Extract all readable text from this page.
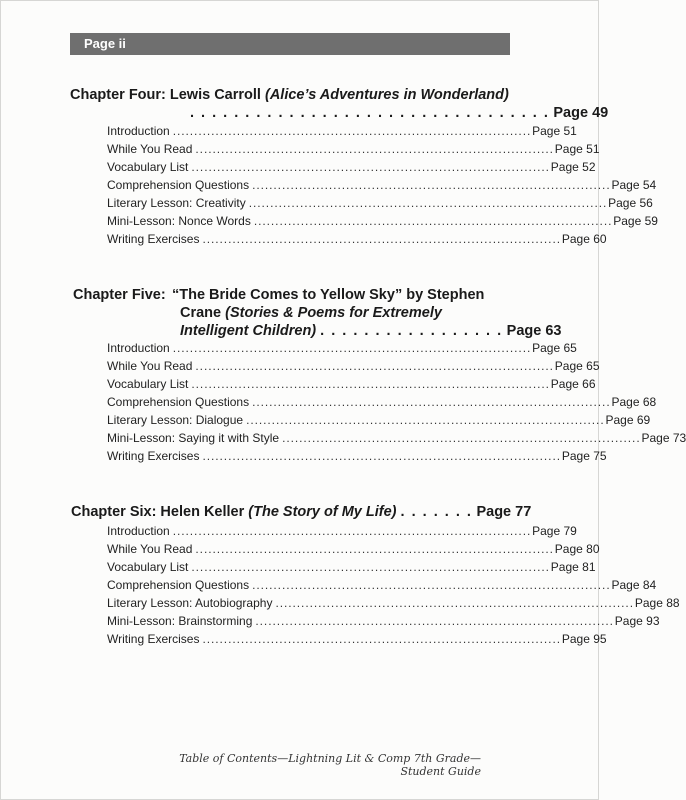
Page ii
Chapter Four: Lewis Carroll (Alice’s Adventures in Wonderland)
. . . . . . . . . . . . . . . . . . . . . . . . . . . . . . . . . Page 49
Introduction . . .	Page 51
While You Read . . .	Page 51
Vocabulary List . . .	Page 52
Comprehension Questions . . .	Page 54
Literary Lesson: Creativity . . .	Page 56
Mini-Lesson: Nonce Words . . .	Page 59
Writing Exercises . . .	Page 60
Chapter Five: “The Bride Comes to Yellow Sky” by Stephen
Crane (Stories & Poems for Extremely
Intelligent Children) . . . . . . . . . . . . . . . . . Page 63
Introduction . . .	Page 65
While You Read . . .	Page 65
Vocabulary List . . .	Page 66
Comprehension Questions . . .	Page 68
Literary Lesson: Dialogue . . .	Page 69
Mini-Lesson: Saying it with Style . . .	Page 73
Writing Exercises . . .	Page 75
Chapter Six: Helen Keller (The Story of My Life) . . . . . . . Page 77
Introduction . . .	Page 79
While You Read . . .	Page 80
Vocabulary List . . .	Page 81
Comprehension Questions . . .	Page 84
Literary Lesson: Autobiography . . .	Page 88
Mini-Lesson: Brainstorming . . .	Page 93
Writing Exercises . . .	Page 95
Table of Contents—Lightning Lit & Comp 7th Grade—Student Guide
